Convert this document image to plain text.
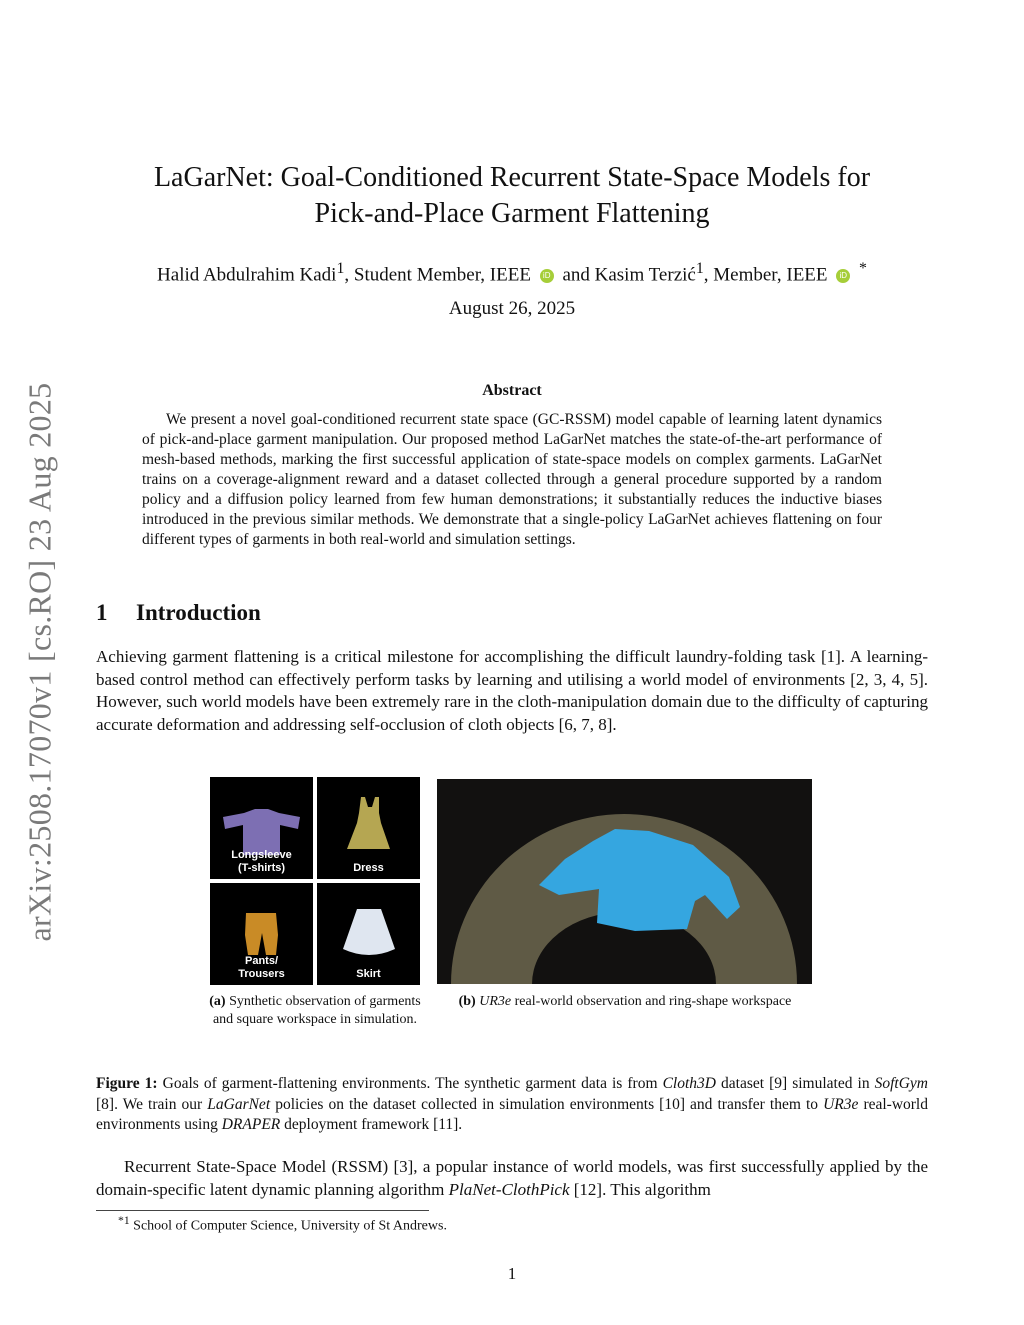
arXiv:2508.17070v1 [cs.RO] 23 Aug 2025
LaGarNet: Goal-Conditioned Recurrent State-Space Models for
Pick-and-Place Garment Flattening
Halid Abdulrahim Kadi$^1$, Student Member, IEEE iD and Kasim Terzić$^1$, Member, IEEE iD *
August 26, 2025
Abstract
We present a novel goal-conditioned recurrent state space (GC-RSSM) model capable of learning latent dynamics of pick-and-place garment manipulation. Our proposed method LaGarNet matches the state-of-the-art performance of mesh-based methods, marking the first successful application of state-space models on complex garments. LaGarNet trains on a coverage-alignment reward and a dataset collected through a general procedure supported by a random policy and a diffusion policy learned from few human demonstrations; it substantially reduces the inductive biases introduced in the previous similar methods. We demonstrate that a single-policy LaGarNet achieves flattening on four different types of garments in both real-world and simulation settings.
1 Introduction
Achieving garment flattening is a critical milestone for accomplishing the difficult laundry-folding task [1]. A learning-based control method can effectively perform tasks by learning and utilising a world model of environments [2, 3, 4, 5]. However, such world models have been extremely rare in the cloth-manipulation domain due to the difficulty of capturing accurate deformation and addressing self-occlusion of cloth objects [6, 7, 8].
Longsleeve
(T-shirts)	Dress
Pants/
Trousers	Skirt
(a) Synthetic observation of garments and square workspace in simulation.
(b) UR3e real-world observation and ring-shape workspace
Figure 1: Goals of garment-flattening environments. The synthetic garment data is from Cloth3D dataset [9] simulated in SoftGym [8]. We train our LaGarNet policies on the dataset collected in simulation environments [10] and transfer them to UR3e real-world environments using DRAPER deployment framework [11].
Recurrent State-Space Model (RSSM) [3], a popular instance of world models, was first successfully applied by the domain-specific latent dynamic planning algorithm PlaNet-ClothPick [12]. This algorithm
$^{*1}$ School of Computer Science, University of St Andrews.
1
